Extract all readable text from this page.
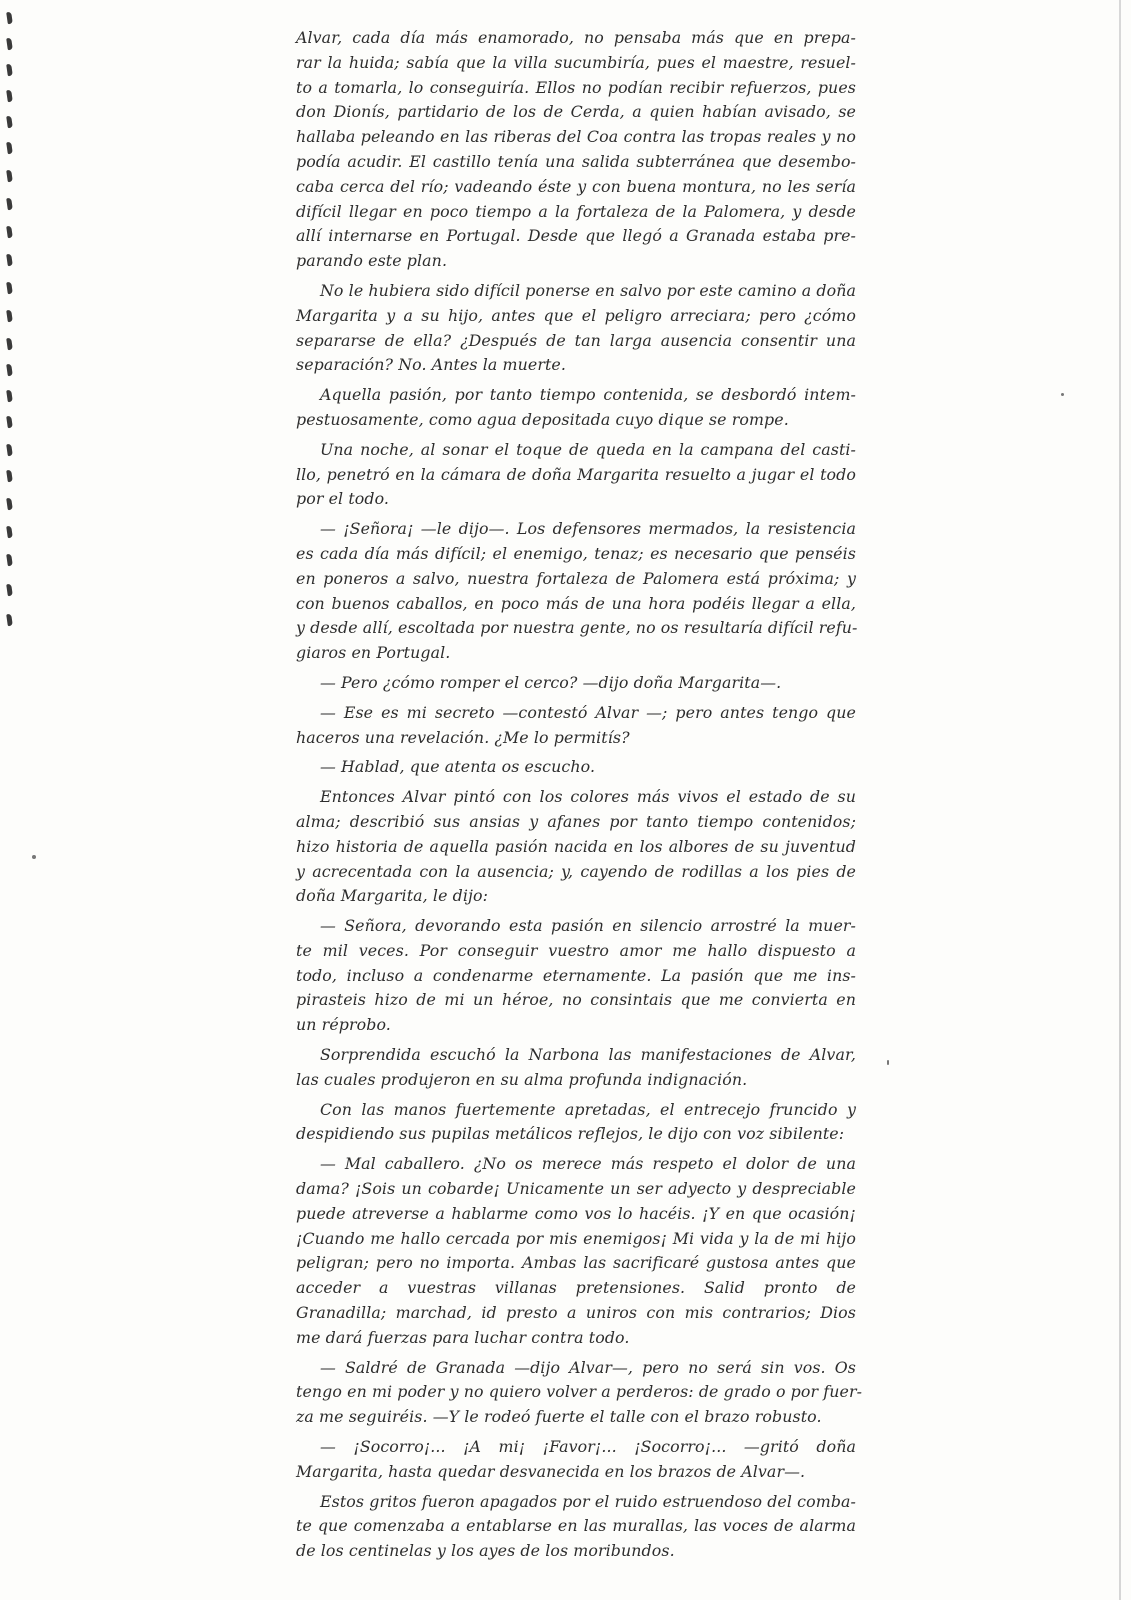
Alvar, cada día más enamorado, no pensaba más que en prepa-
rar la huida; sabía que la villa sucumbiría, pues el maestre, resuel-
to a tomarla, lo conseguiría. Ellos no podían recibir refuerzos, pues
don Dionís, partidario de los de Cerda, a quien habían avisado, se
hallaba peleando en las riberas del Coa contra las tropas reales y no
podía acudir. El castillo tenía una salida subterránea que desembo-
caba cerca del río; vadeando éste y con buena montura, no les sería
difícil llegar en poco tiempo a la fortaleza de la Palomera, y desde
allí internarse en Portugal. Desde que llegó a Granada estaba pre-
parando este plan.

No le hubiera sido difícil ponerse en salvo por este camino a doña
Margarita y a su hijo, antes que el peligro arreciara; pero ¿cómo
separarse de ella? ¿Después de tan larga ausencia consentir una
separación? No. Antes la muerte.

Aquella pasión, por tanto tiempo contenida, se desbordó intem-
pestuosamente, como agua depositada cuyo dique se rompe.

Una noche, al sonar el toque de queda en la campana del casti-
llo, penetró en la cámara de doña Margarita resuelto a jugar el todo
por el todo.

— ¡Señora¡ —le dijo—. Los defensores mermados, la resistencia
es cada día más difícil; el enemigo, tenaz; es necesario que penséis
en poneros a salvo, nuestra fortaleza de Palomera está próxima; y
con buenos caballos, en poco más de una hora podéis llegar a ella,
y desde allí, escoltada por nuestra gente, no os resultaría difícil refu-
giaros en Portugal.

— Pero ¿cómo romper el cerco? —dijo doña Margarita—.

— Ese es mi secreto —contestó Alvar —; pero antes tengo que
haceros una revelación. ¿Me lo permitís?

— Hablad, que atenta os escucho.

Entonces Alvar pintó con los colores más vivos el estado de su
alma; describió sus ansias y afanes por tanto tiempo contenidos;
hizo historia de aquella pasión nacida en los albores de su juventud
y acrecentada con la ausencia; y, cayendo de rodillas a los pies de
doña Margarita, le dijo:

— Señora, devorando esta pasión en silencio arrostré la muer-
te mil veces. Por conseguir vuestro amor me hallo dispuesto a
todo, incluso a condenarme eternamente. La pasión que me ins-
pirasteis hizo de mi un héroe, no consintais que me convierta en
un réprobo.

Sorprendida escuchó la Narbona las manifestaciones de Alvar,
las cuales produjeron en su alma profunda indignación.

Con las manos fuertemente apretadas, el entrecejo fruncido y
despidiendo sus pupilas metálicos reflejos, le dijo con voz sibilente:

— Mal caballero. ¿No os merece más respeto el dolor de una
dama? ¡Sois un cobarde¡ Unicamente un ser adyecto y despreciable
puede atreverse a hablarme como vos lo hacéis. ¡Y en que ocasión¡
¡Cuando me hallo cercada por mis enemigos¡ Mi vida y la de mi hijo
peligran; pero no importa. Ambas las sacrificaré gustosa antes que
acceder a vuestras villanas pretensiones. Salid pronto de
Granadilla; marchad, id presto a uniros con mis contrarios; Dios
me dará fuerzas para luchar contra todo.

— Saldré de Granada —dijo Alvar—, pero no será sin vos. Os
tengo en mi poder y no quiero volver a perderos: de grado o por fuer-
za me seguiréis. —Y le rodeó fuerte el talle con el brazo robusto.

— ¡Socorro¡... ¡A mi¡ ¡Favor¡... ¡Socorro¡... —gritó doña
Margarita, hasta quedar desvanecida en los brazos de Alvar—.

Estos gritos fueron apagados por el ruido estruendoso del comba-
te que comenzaba a entablarse en las murallas, las voces de alarma
de los centinelas y los ayes de los moribundos.
